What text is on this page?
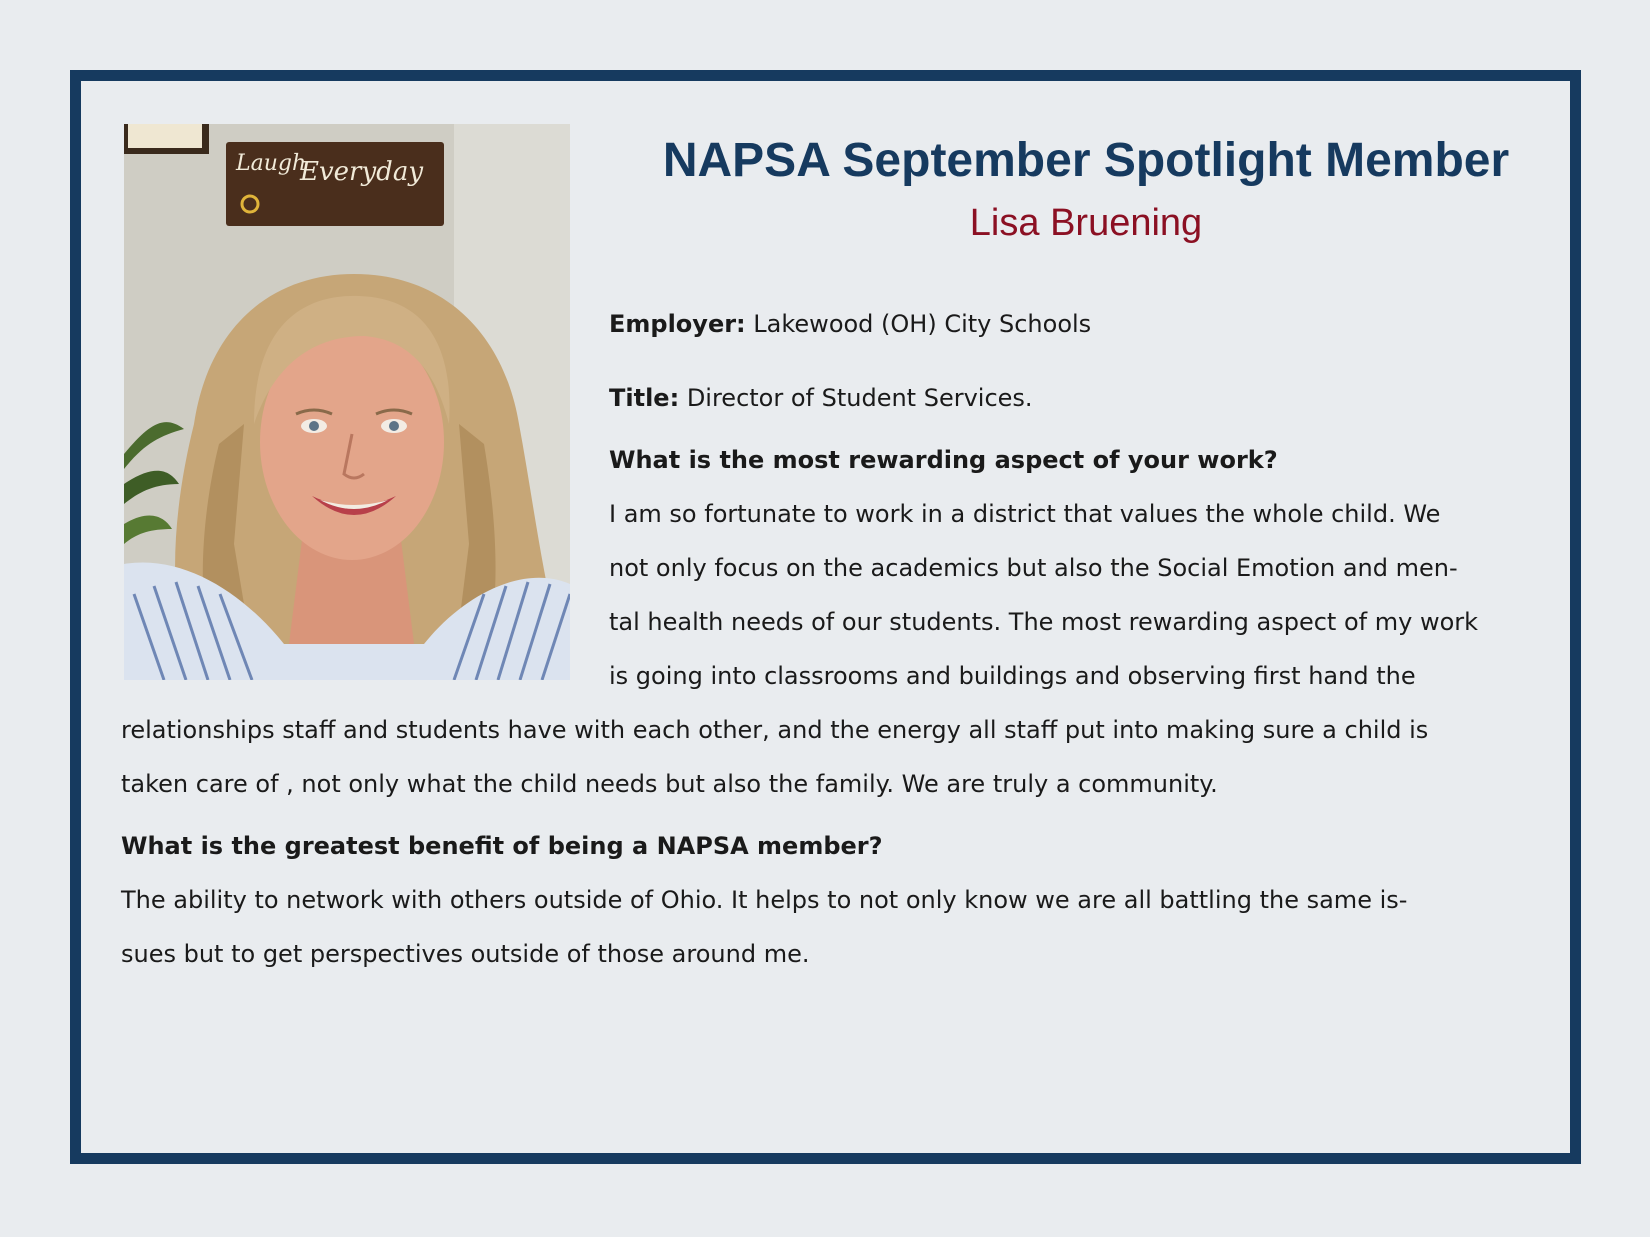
Laugh
Everyday	NAPSA September Spotlight Member
Lisa Bruening
Employer: Lakewood (OH) City Schools
Title: Director of Student Services.
What is the most rewarding aspect of your work?
I am so fortunate to work in a district that values the whole child. We
not only focus on the academics but also the Social Emotion and men-
tal health needs of our students. The most rewarding aspect of my work
is going into classrooms and buildings and observing first hand the
relationships staff and students have with each other, and the energy all staff put into making sure a child is
taken care of , not only what the child needs but also the family. We are truly a community.
What is the greatest benefit of being a NAPSA member?
The ability to network with others outside of Ohio. It helps to not only know we are all battling the same is-
sues but to get perspectives outside of those around me.
